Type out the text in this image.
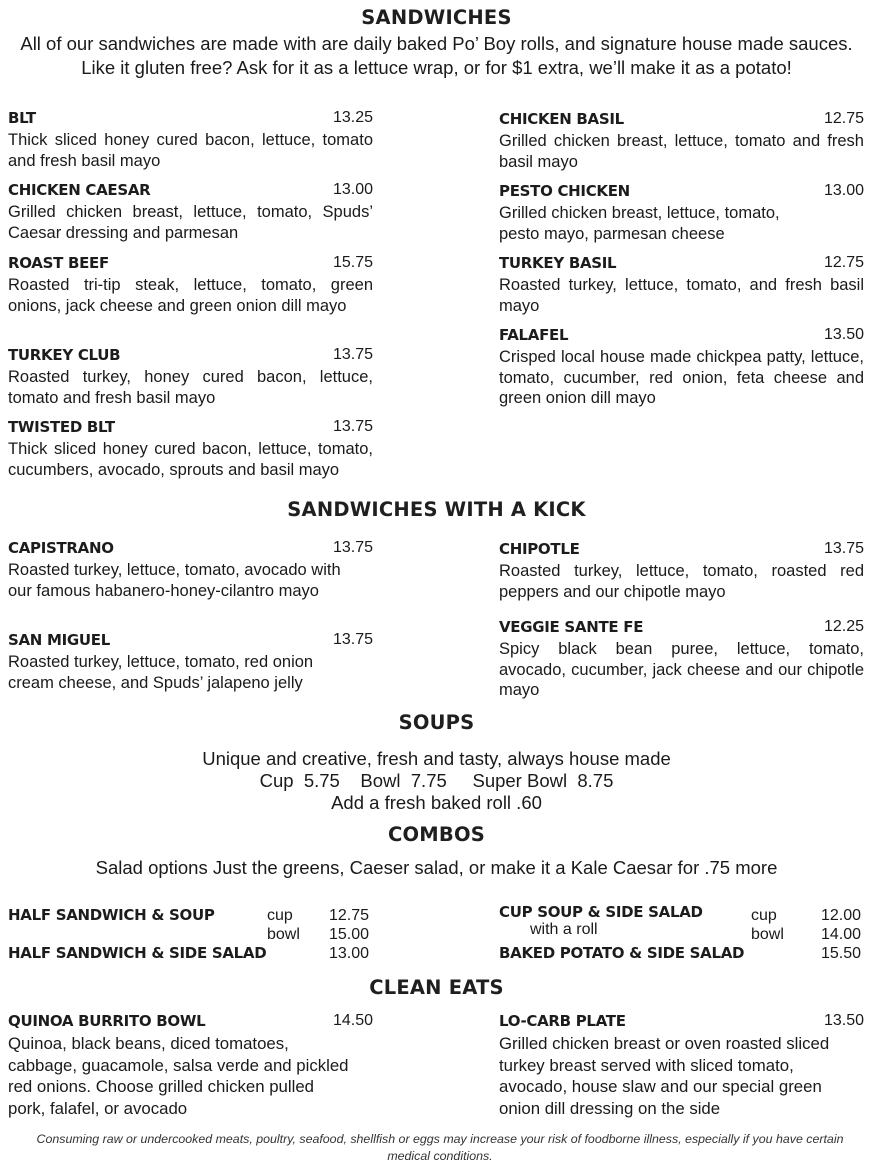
SANDWICHES
All of our sandwiches are made with are daily baked Po’ Boy rolls, and signature house made sauces. Like it gluten free? Ask for it as a lettuce wrap, or for $1 extra, we’ll make it as a potato!
BLT	13.25
Thick sliced honey cured bacon, lettuce, tomato and fresh basil mayo
CHICKEN CAESAR	13.00
Grilled chicken breast, lettuce, tomato, Spuds’ Caesar dressing and parmesan
ROAST BEEF	15.75
Roasted tri-tip steak, lettuce, tomato, green onions, jack cheese and green onion dill mayo
TURKEY CLUB	13.75
Roasted turkey, honey cured bacon, lettuce, tomato and fresh basil mayo
TWISTED BLT	13.75
Thick sliced honey cured bacon, lettuce, tomato, cucumbers, avocado, sprouts and basil mayo
CHICKEN BASIL	12.75
Grilled chicken breast, lettuce, tomato and fresh basil mayo
PESTO CHICKEN	13.00
Grilled chicken breast, lettuce, tomato, pesto mayo, parmesan cheese
TURKEY BASIL	12.75
Roasted turkey, lettuce, tomato, and fresh basil mayo
FALAFEL	13.50
Crisped local house made chickpea patty, lettuce, tomato, cucumber, red onion, feta cheese and green onion dill mayo
SANDWICHES WITH A KICK
CAPISTRANO	13.75
Roasted turkey, lettuce, tomato, avocado with our famous habanero-honey-cilantro mayo
SAN MIGUEL	13.75
Roasted turkey, lettuce, tomato, red onion cream cheese, and Spuds’ jalapeno jelly
CHIPOTLE	13.75
Roasted turkey, lettuce, tomato, roasted red peppers and our chipotle mayo
VEGGIE SANTE FE	12.25
Spicy black bean puree, lettuce, tomato, avocado, cucumber, jack cheese and our chipotle mayo
SOUPS
Unique and creative, fresh and tasty, always house made
Cup  5.75    Bowl  7.75     Super Bowl  8.75
Add a fresh baked roll .60
COMBOS
Salad options Just the greens, Caeser salad, or make it a Kale Caesar for .75 more
HALF SANDWICH & SOUP	cup 12.75
bowl 15.00
HALF SANDWICH & SIDE SALAD	13.00
CUP SOUP & SIDE SALAD
with a roll
cup	12.00
bowl 14.00
BAKED POTATO & SIDE SALAD	15.50
CLEAN EATS
QUINOA BURRITO BOWL	14.50
Quinoa, black beans, diced tomatoes, cabbage, guacamole, salsa verde and pickled red onions. Choose grilled chicken pulled pork, falafel, or avocado
LO-CARB PLATE	13.50
Grilled chicken breast or oven roasted sliced turkey breast served with sliced tomato, avocado, house slaw and our special green onion dill dressing on the side
Consuming raw or undercooked meats, poultry, seafood, shellfish or eggs may increase your risk of foodborne illness, especially if you have certain medical conditions.
